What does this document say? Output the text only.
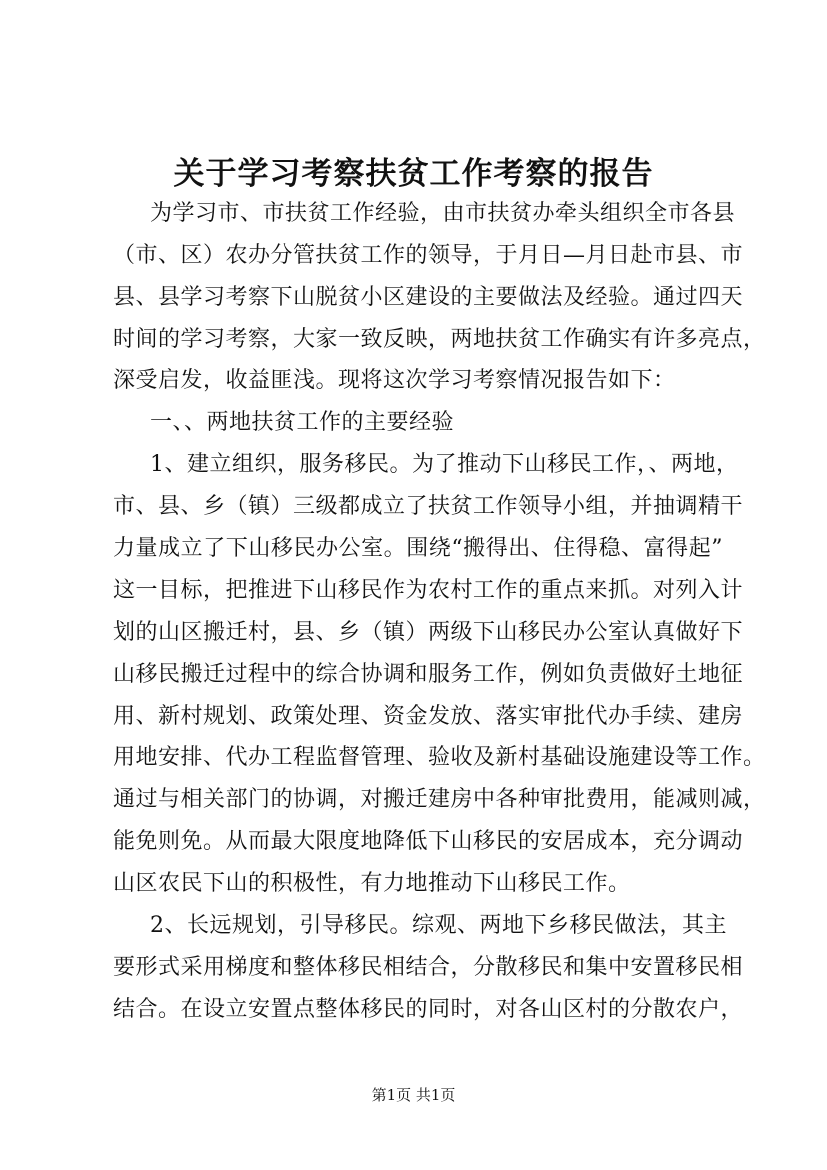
关于学习考察扶贫工作考察的报告
为学习市、市扶贫工作经验，由市扶贫办牵头组织全市各县
（市、区）农办分管扶贫工作的领导，于月日—月日赴市县、市
县、县学习考察下山脱贫小区建设的主要做法及经验。通过四天
时间的学习考察，大家一致反映，两地扶贫工作确实有许多亮点，
深受启发，收益匪浅。现将这次学习考察情况报告如下：
一、、两地扶贫工作的主要经验
1、建立组织，服务移民。为了推动下山移民工作，、两地，
市、县、乡（镇）三级都成立了扶贫工作领导小组，并抽调精干
力量成立了下山移民办公室。围绕“搬得出、住得稳、富得起”
这一目标，把推进下山移民作为农村工作的重点来抓。对列入计
划的山区搬迁村，县、乡（镇）两级下山移民办公室认真做好下
山移民搬迁过程中的综合协调和服务工作，例如负责做好土地征
用、新村规划、政策处理、资金发放、落实审批代办手续、建房
用地安排、代办工程监督管理、验收及新村基础设施建设等工作。
通过与相关部门的协调，对搬迁建房中各种审批费用，能减则减，
能免则免。从而最大限度地降低下山移民的安居成本，充分调动
山区农民下山的积极性，有力地推动下山移民工作。
2、长远规划，引导移民。综观、两地下乡移民做法，其主
要形式采用梯度和整体移民相结合，分散移民和集中安置移民相
结合。在设立安置点整体移民的同时，对各山区村的分散农户，
第1页 共1页
